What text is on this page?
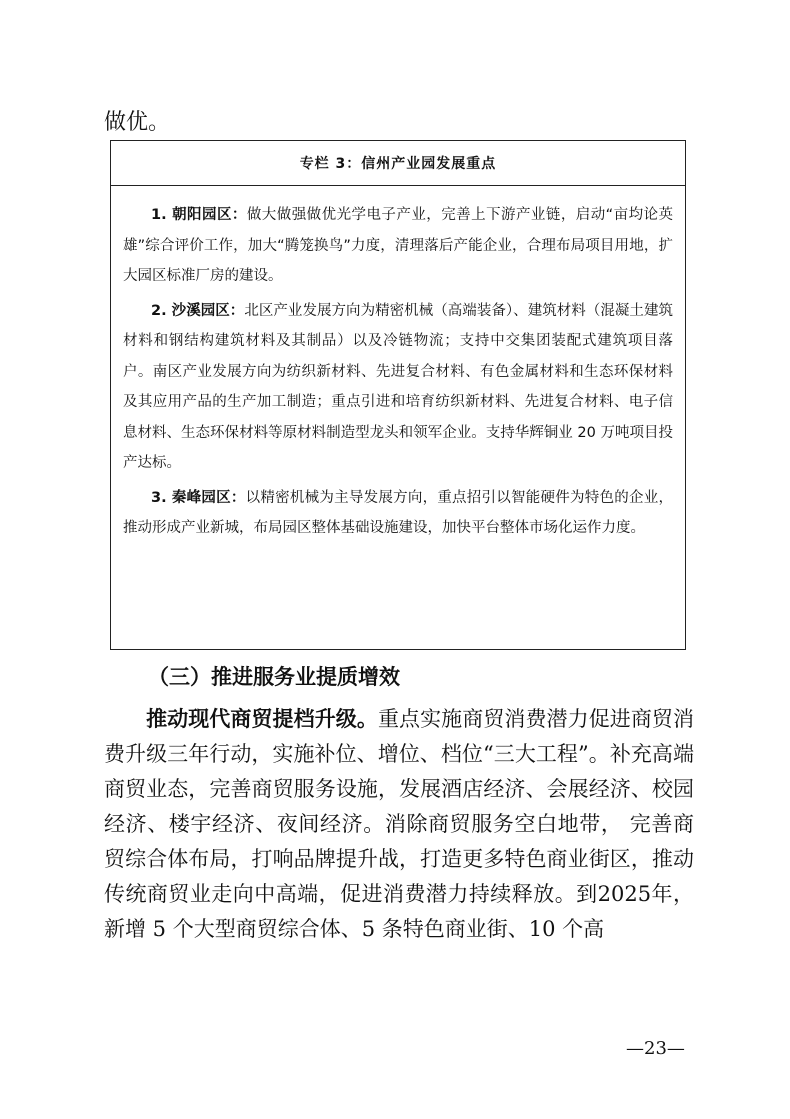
做优。
专栏 3：信州产业园发展重点

1. 朝阳园区：做大做强做优光学电子产业，完善上下游产业链，启动“亩均论英雄”综合评价工作，加大“腾笼换鸟”力度，清理落后产能企业，合理布局项目用地，扩大园区标准厂房的建设。

2. 沙溪园区：北区产业发展方向为精密机械（高端装备）、建筑材料（混凝土建筑材料和钢结构建筑材料及其制品）以及冷链物流；支持中交集团装配式建筑项目落户。南区产业发展方向为纺织新材料、先进复合材料、有色金属材料和生态环保材料及其应用产品的生产加工制造；重点引进和培育纺织新材料、先进复合材料、电子信息材料、生态环保材料等原材料制造型龙头和领军企业。支持华辉铜业 20 万吨项目投产达标。

3. 秦峰园区：以精密机械为主导发展方向，重点招引以智能硬件为特色的企业，推动形成产业新城，布局园区整体基础设施建设，加快平台整体市场化运作力度。

（三）推进服务业提质增效
推动现代商贸提档升级。重点实施商贸消费潜力促进商贸消费升级三年行动，实施补位、增位、档位“三大工程”。补充高端商贸业态，完善商贸服务设施，发展酒店经济、会展经济、校园经济、楼宇经济、夜间经济。消除商贸服务空白地带， 完善商贸综合体布局，打响品牌提升战，打造更多特色商业街区，推动传统商贸业走向中高端，促进消费潜力持续释放。到2025年，新增 5 个大型商贸综合体、5 条特色商业街、10 个高
—23—
